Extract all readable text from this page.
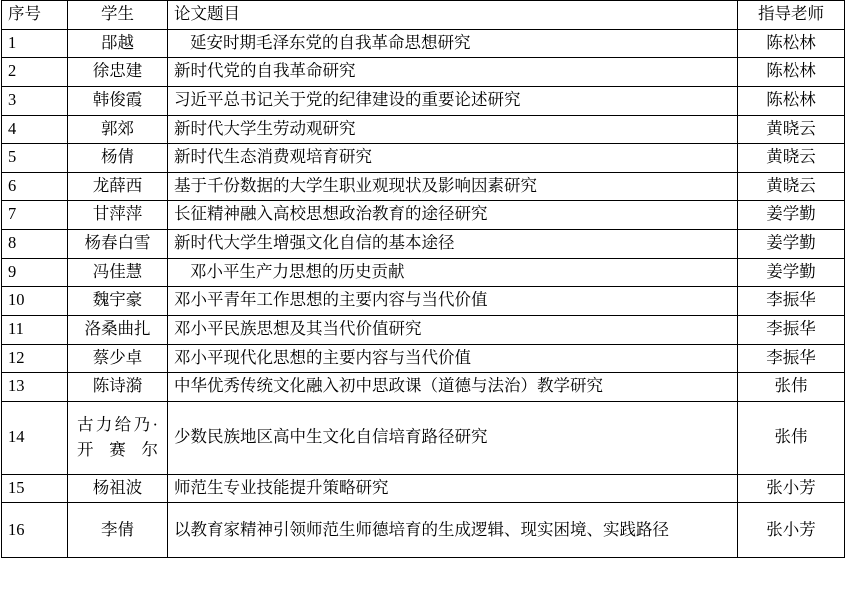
序号	学生	论文题目	指导老师
1	郘越	延安时期毛泽东党的自我革命思想研究	陈松林
2	徐忠建	新时代党的自我革命研究	陈松林
3	韩俊霞	习近平总书记关于党的纪律建设的重要论述研究	陈松林
4	郭郊	新时代大学生劳动观研究	黄晓云
5	杨倩	新时代生态消费观培育研究	黄晓云
6	龙薛西	基于千份数据的大学生职业观现状及影响因素研究	黄晓云
7	甘萍萍	长征精神融入高校思想政治教育的途径研究	姜学勤
8	杨春白雪	新时代大学生增强文化自信的基本途径	姜学勤
9	冯佳慧	邓小平生产力思想的历史贡献	姜学勤
10	魏宇豪	邓小平青年工作思想的主要内容与当代价值	李振华
11	洛桑曲扎	邓小平民族思想及其当代价值研究	李振华
12	蔡少卓	邓小平现代化思想的主要内容与当代价值	李振华
13	陈诗漪	中华优秀传统文化融入初中思政课（道德与法治）教学研究	张伟
14	古力给乃·开赛尔	少数民族地区高中生文化自信培育路径研究	张伟
15	杨祖波	师范生专业技能提升策略研究	张小芳
16	李倩	以教育家精神引领师范生师德培育的生成逻辑、现实困境、实践路径	张小芳
